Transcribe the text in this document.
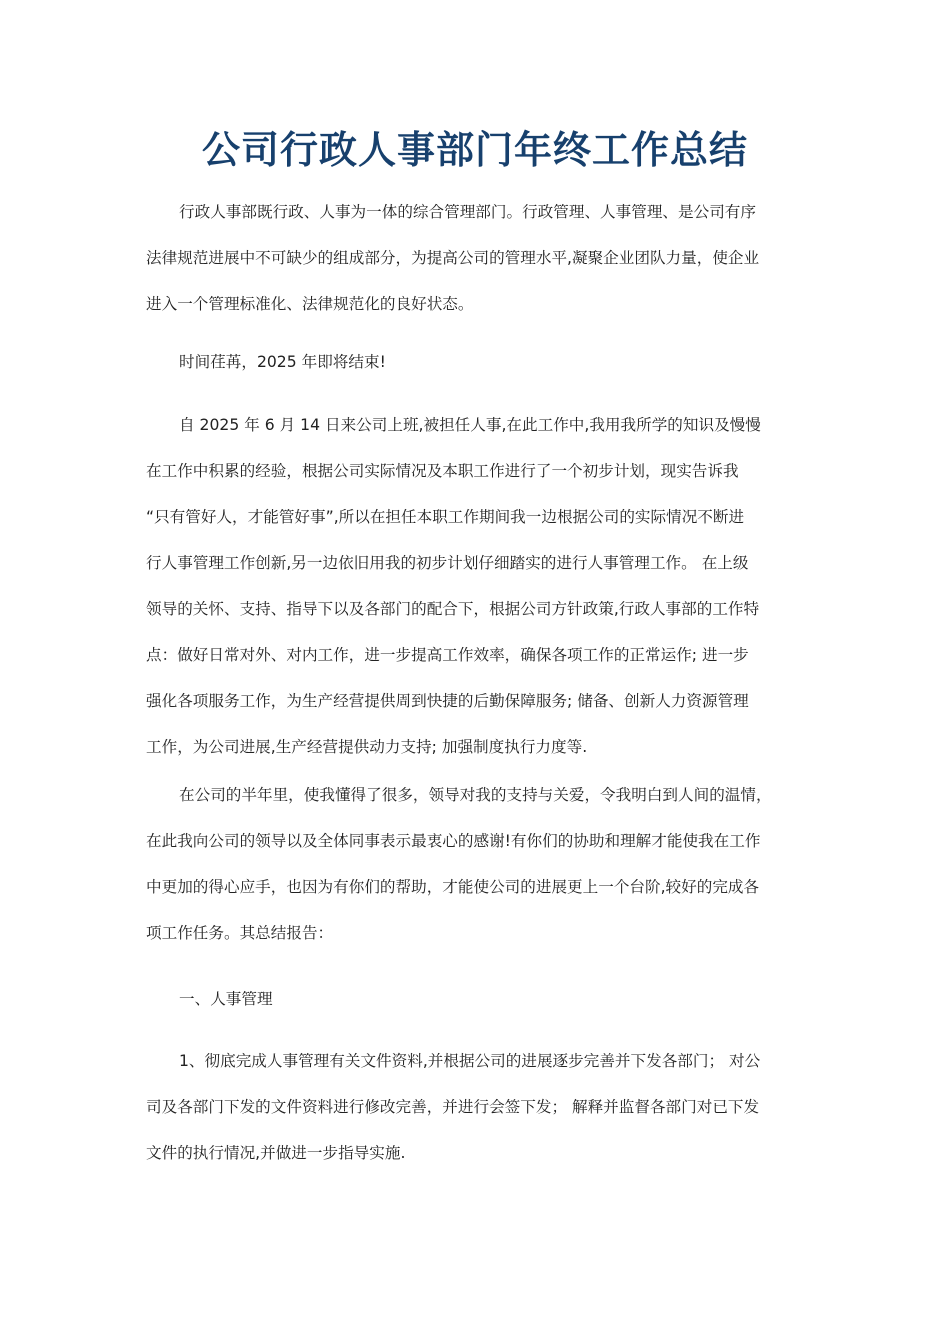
公司行政人事部门年终工作总结
行政人事部既行政、人事为一体的综合管理部门。行政管理、人事管理、是公司有序
法律规范进展中不可缺少的组成部分，为提高公司的管理水平,凝聚企业团队力量，使企业
进入一个管理标准化、法律规范化的良好状态。
时间荏苒，2025 年即将结束!
自 2025 年 6 月 14 日来公司上班,被担任人事,在此工作中,我用我所学的知识及慢慢
在工作中积累的经验，根据公司实际情况及本职工作进行了一个初步计划，现实告诉我
“只有管好人，才能管好事”,所以在担任本职工作期间我一边根据公司的实际情况不断进
行人事管理工作创新,另一边依旧用我的初步计划仔细踏实的进行人事管理工作。 在上级
领导的关怀、支持、指导下以及各部门的配合下，根据公司方针政策,行政人事部的工作特
点：做好日常对外、对内工作，进一步提高工作效率，确保各项工作的正常运作; 进一步
强化各项服务工作，为生产经营提供周到快捷的后勤保障服务; 储备、创新人力资源管理
工作，为公司进展,生产经营提供动力支持; 加强制度执行力度等.
在公司的半年里，使我懂得了很多，领导对我的支持与关爱，令我明白到人间的温情，
在此我向公司的领导以及全体同事表示最衷心的感谢!有你们的协助和理解才能使我在工作
中更加的得心应手，也因为有你们的帮助，才能使公司的进展更上一个台阶,较好的完成各
项工作任务。其总结报告：
一、人事管理
1、彻底完成人事管理有关文件资料,并根据公司的进展逐步完善并下发各部门； 对公
司及各部门下发的文件资料进行修改完善，并进行会签下发； 解释并监督各部门对已下发
文件的执行情况,并做进一步指导实施.
